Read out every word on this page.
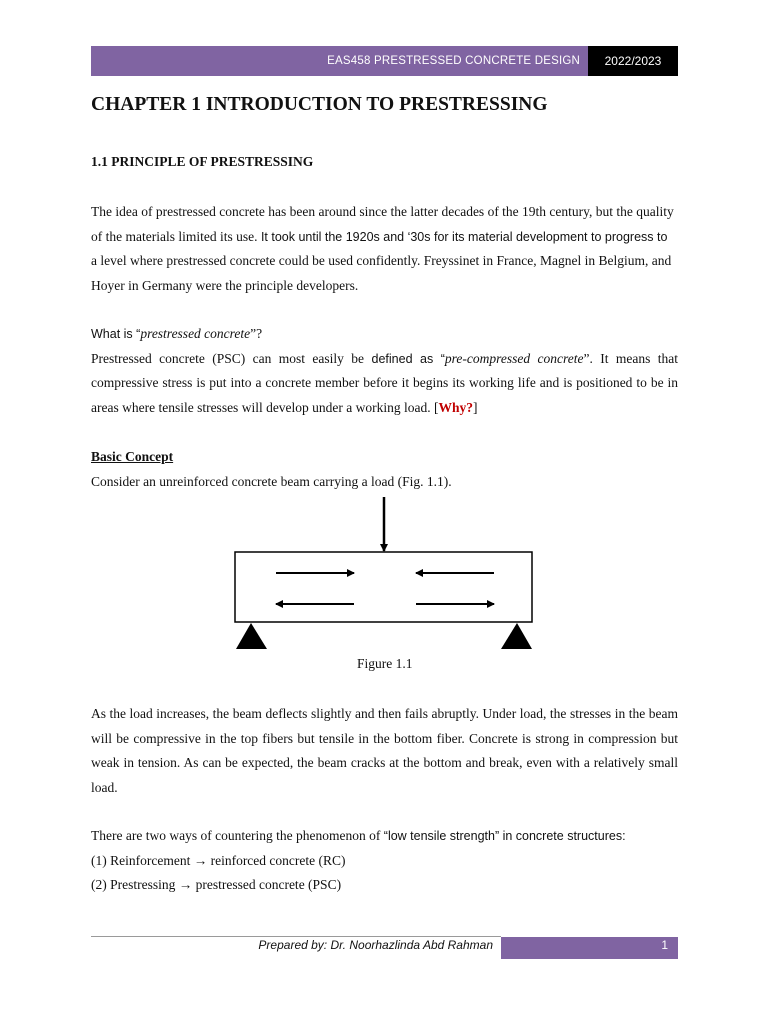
EAS458 PRESTRESSED CONCRETE DESIGN	2022/2023
CHAPTER 1 INTRODUCTION TO PRESTRESSING
1.1 PRINCIPLE OF PRESTRESSING
The idea of prestressed concrete has been around since the latter decades of the 19th century, but the quality
of the materials limited its use. It took until the 1920s and ‘30s for its material development to progress to
a level where prestressed concrete could be used confidently. Freyssinet in France, Magnel in Belgium, and
Hoyer in Germany were the principle developers.
What is “prestressed concrete”?
Prestressed concrete (PSC) can most easily be defined as “pre-compressed concrete”. It means that
compressive stress is put into a concrete member before it begins its working life and is positioned to be in
areas where tensile stresses will develop under a working load. [Why?]
Basic Concept
Consider an unreinforced concrete beam carrying a load (Fig. 1.1).
Figure 1.1
As the load increases, the beam deflects slightly and then fails abruptly. Under load, the stresses in the beam
will be compressive in the top fibers but tensile in the bottom fiber. Concrete is strong in compression but
weak in tension. As can be expected, the beam cracks at the bottom and break, even with a relatively small
load.
There are two ways of countering the phenomenon of “low tensile strength” in concrete structures:
(1) Reinforcement → reinforced concrete (RC)
(2) Prestressing → prestressed concrete (PSC)
Prepared by: Dr. Noorhazlinda Abd Rahman	1
